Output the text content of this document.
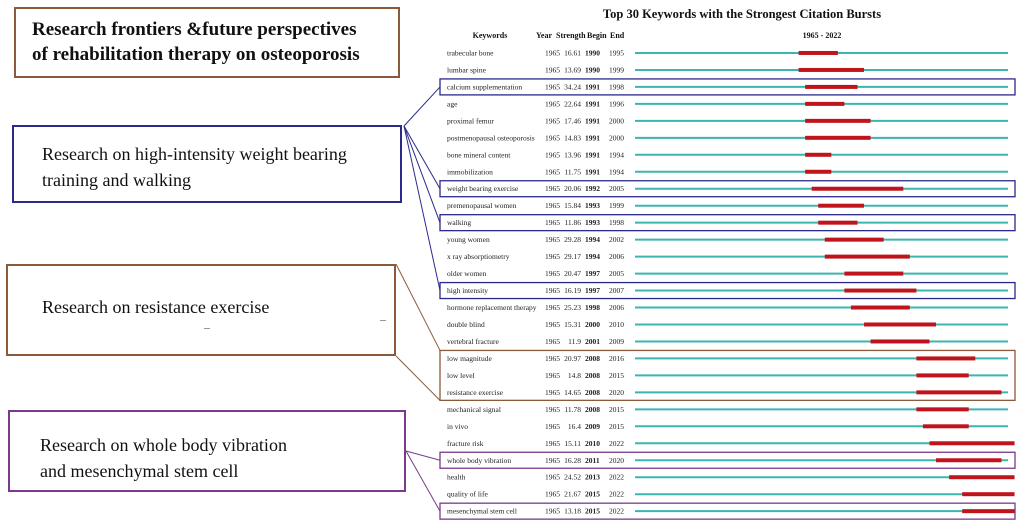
Top 30 Keywords with the Strongest Citation Bursts
Keywords	Year Strength Begin End	1965 - 2022
trabecular bone	1965 16.61 1990 1995
lumbar spine	1965 13.69 1990 1999
calcium supplementation	1965 34.24 1991 1998
age	1965 22.64 1991 1996
proximal femur	1965 17.46 1991 2000
postmenopausal osteoporosis 1965 14.83 1991 2000
bone mineral content	1965 13.96 1991 1994
immobilization	1965 11.75 1991 1994
weight bearing exercise	1965 20.06 1992 2005
premenopausal women	1965 15.84 1993 1999
walking	1965 11.86 1993 1998
young women	1965 29.28 1994 2002
x ray absorptiometry	1965 29.17 1994 2006
older women	1965 20.47 1997 2005
high intensity	1965 16.19 1997 2007
hormone replacement therapy 1965 25.23 1998 2006
double blind	1965 15.31 2000 2010
vertebral fracture	1965 11.9 2001 2009
low magnitude	1965 20.97 2008 2016
low level	1965 14.8 2008 2015
resistance exercise	1965 14.65 2008 2020
mechanical signal	1965 11.78 2008 2015
in vivo	1965 16.4 2009 2015
fracture risk	1965 15.11 2010 2022
whole body vibration	1965 16.28 2011 2020
health	1965 24.52 2013 2022
quality of life	1965 21.67 2015 2022
mesenchymal stem cell	1965 13.18 2015 2022
Research frontiers &future perspectives
of rehabilitation therapy on osteoporosis
Research on high-intensity weight bearing
training and walking
Research on resistance exercise
Research on whole body vibration
and mesenchymal stem cell
